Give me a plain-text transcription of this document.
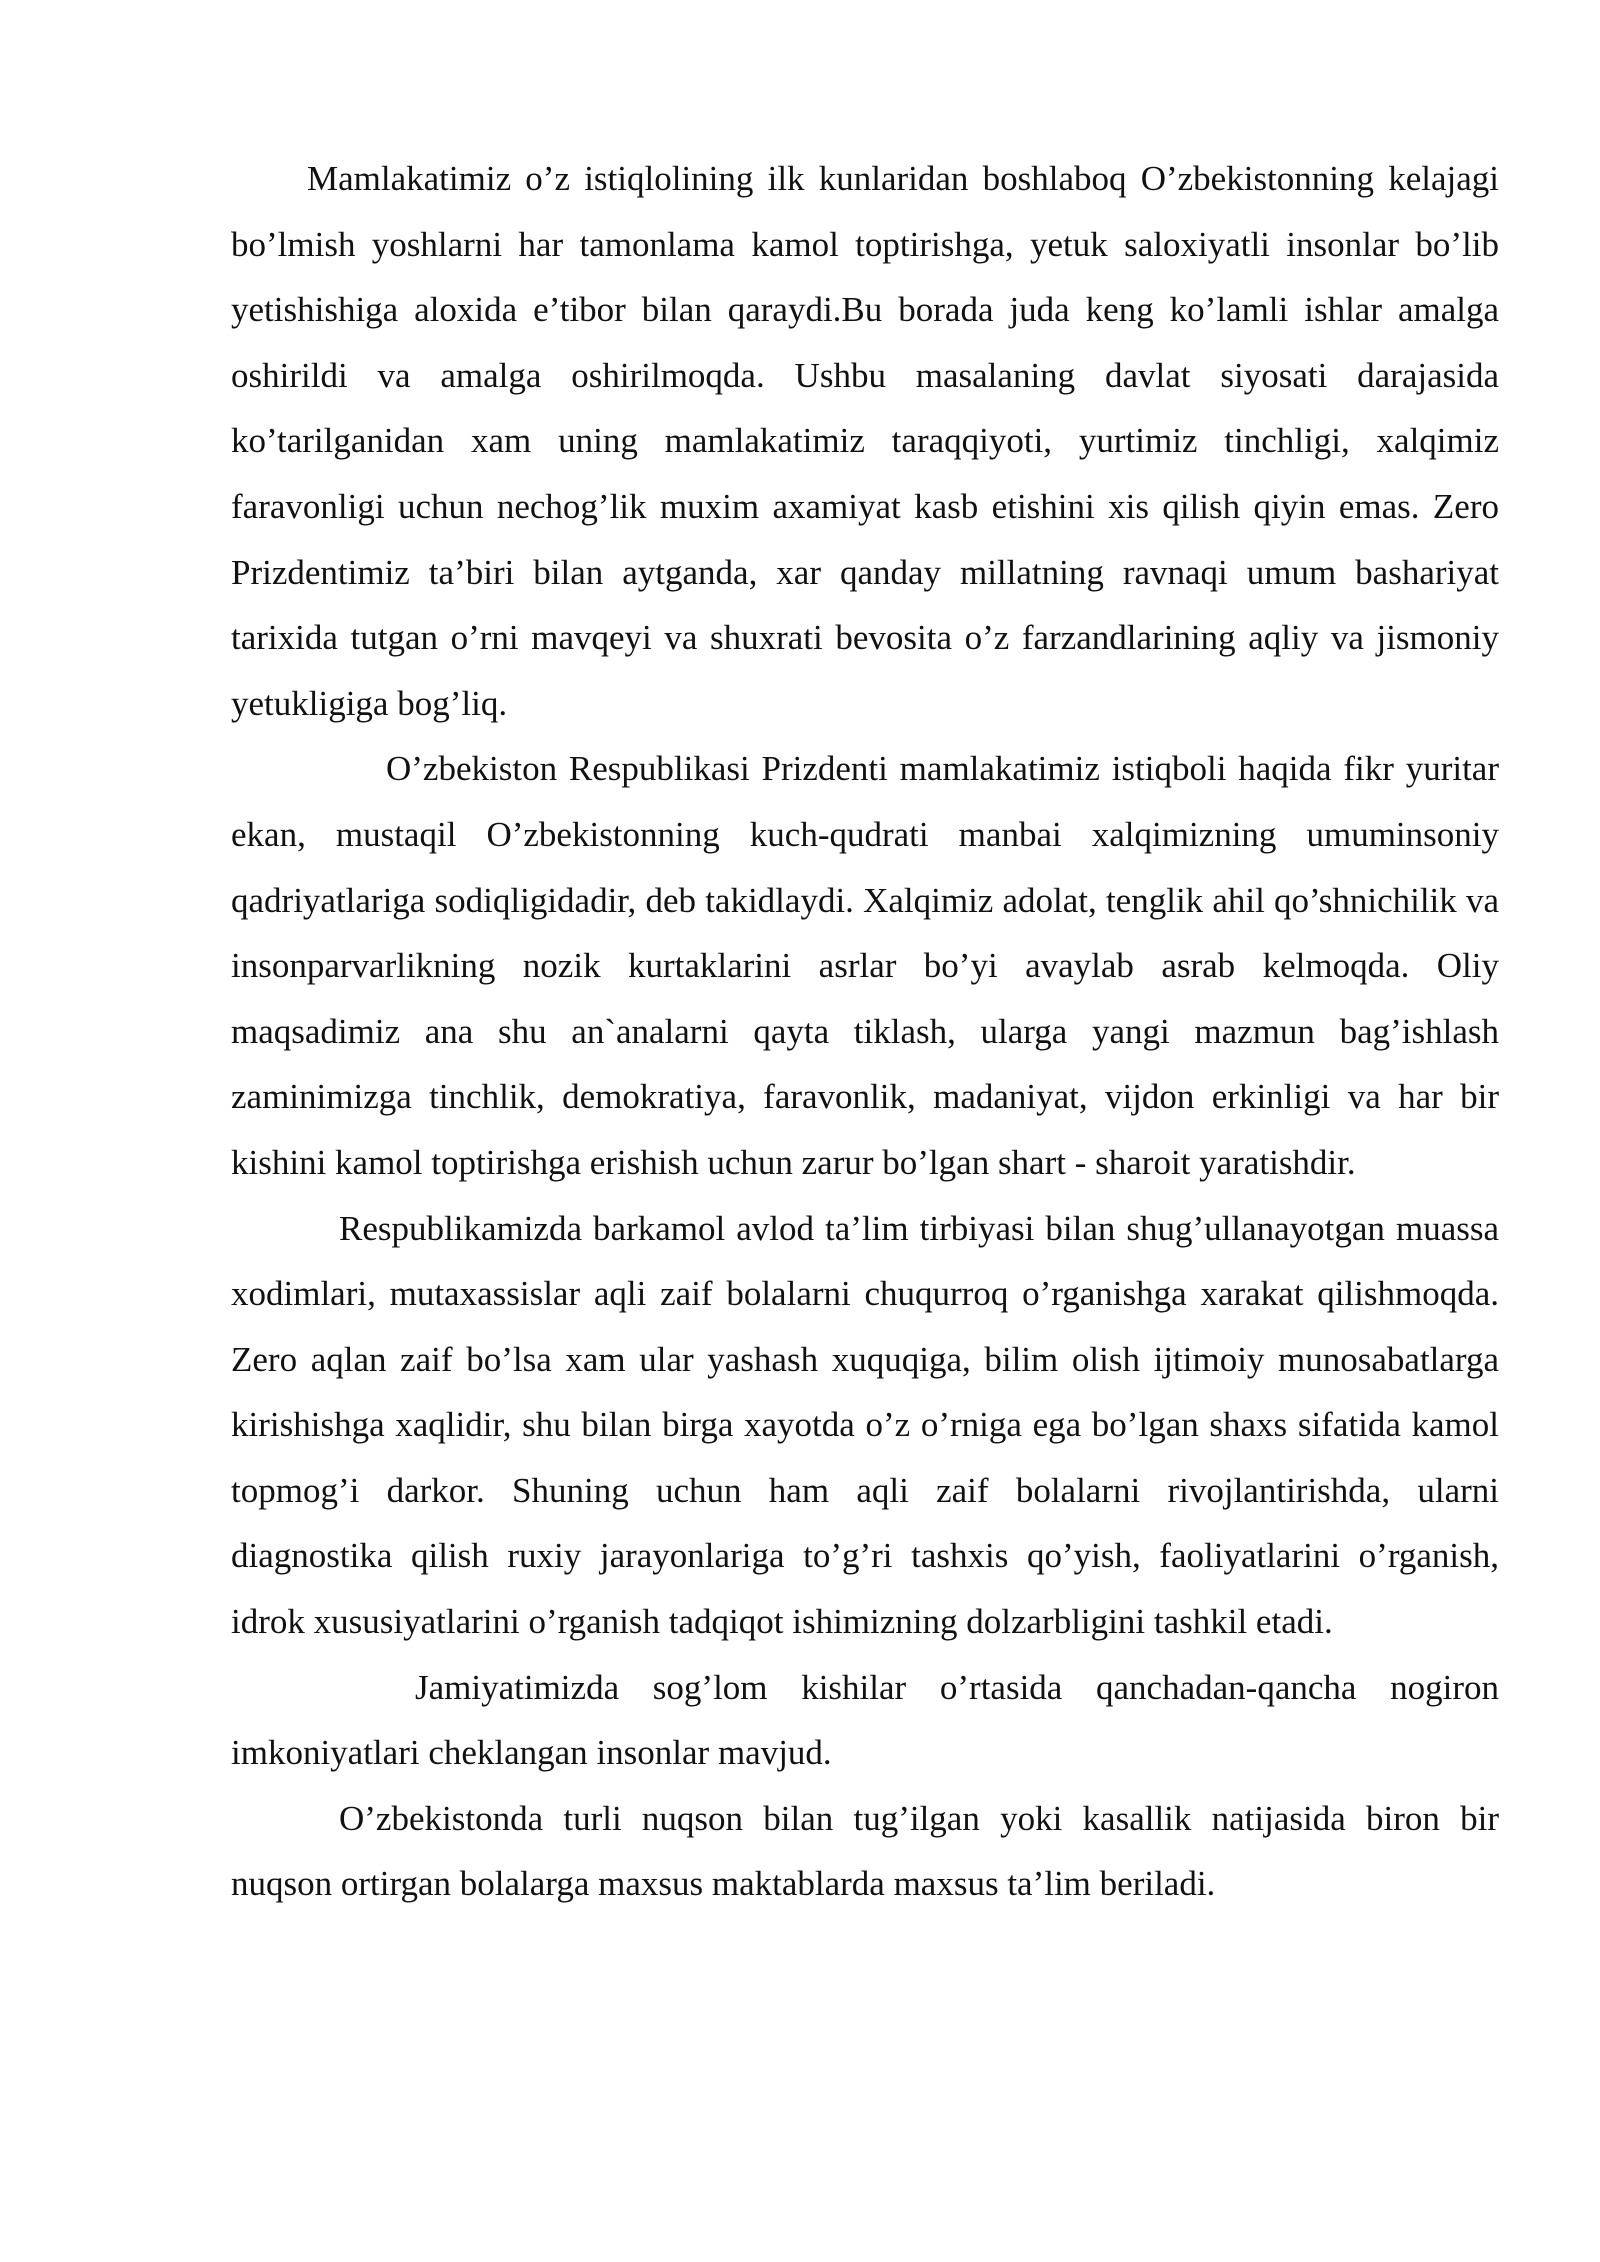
Mamlakatimiz o’z istiqlolining ilk kunlaridan boshlaboq O’zbekistonning kelajagi bo’lmish yoshlarni har tamonlama kamol toptirishga, yetuk saloxiyatli insonlar bo’lib yetishishiga aloxida e’tibor bilan qaraydi.Bu borada juda keng ko’lamli ishlar amalga oshirildi va amalga oshirilmoqda. Ushbu masalaning davlat siyosati darajasida ko’tarilganidan xam uning mamlakatimiz taraqqiyoti, yurtimiz tinchligi, xalqimiz faravonligi uchun nechog’lik muxim axamiyat kasb etishini xis qilish qiyin emas. Zero Prizdentimiz ta’biri bilan aytganda, xar qanday millatning ravnaqi umum bashariyat tarixida tutgan o’rni mavqeyi va shuxrati bevosita o’z farzandlarining aqliy va jismoniy yetukligiga bog’liq.

O’zbekiston Respublikasi Prizdenti mamlakatimiz istiqboli haqida fikr yuritar ekan, mustaqil O’zbekistonning kuch-qudrati manbai xalqimizning umuminsoniy qadriyatlariga sodiqligidadir, deb takidlaydi. Xalqimiz adolat, tenglik ahil qo’shnichilik va insonparvarlikning nozik kurtaklarini asrlar bo’yi avaylab asrab kelmoqda. Oliy maqsadimiz ana shu an`analarni qayta tiklash, ularga yangi mazmun bag’ishlash zaminimizga tinchlik, demokratiya, faravonlik, madaniyat, vijdon erkinligi va har bir kishini kamol toptirishga erishish uchun zarur bo’lgan shart - sharoit yaratishdir.

Respublikamizda barkamol avlod ta’lim tirbiyasi bilan shug’ullanayotgan muassa xodimlari, mutaxassislar aqli zaif bolalarni chuqurroq o’rganishga xarakat qilishmoqda. Zero aqlan zaif bo’lsa xam ular yashash xuquqiga, bilim olish ijtimoiy munosabatlarga kirishishga xaqlidir, shu bilan birga xayotda o’z o’rniga ega bo’lgan shaxs sifatida kamol topmog’i darkor. Shuning uchun ham aqli zaif bolalarni rivojlantirishda, ularni diagnostika qilish ruxiy jarayonlariga to’g’ri tashxis qo’yish, faoliyatlarini o’rganish, idrok xususiyatlarini o’rganish tadqiqot ishimizning dolzarbligini tashkil etadi.

Jamiyatimizda sog’lom kishilar o’rtasida qanchadan-qancha nogiron imkoniyatlari cheklangan insonlar mavjud.

O’zbekistonda turli nuqson bilan tug’ilgan yoki kasallik natijasida biron bir nuqson ortirgan bolalarga maxsus maktablarda maxsus ta’lim beriladi.
